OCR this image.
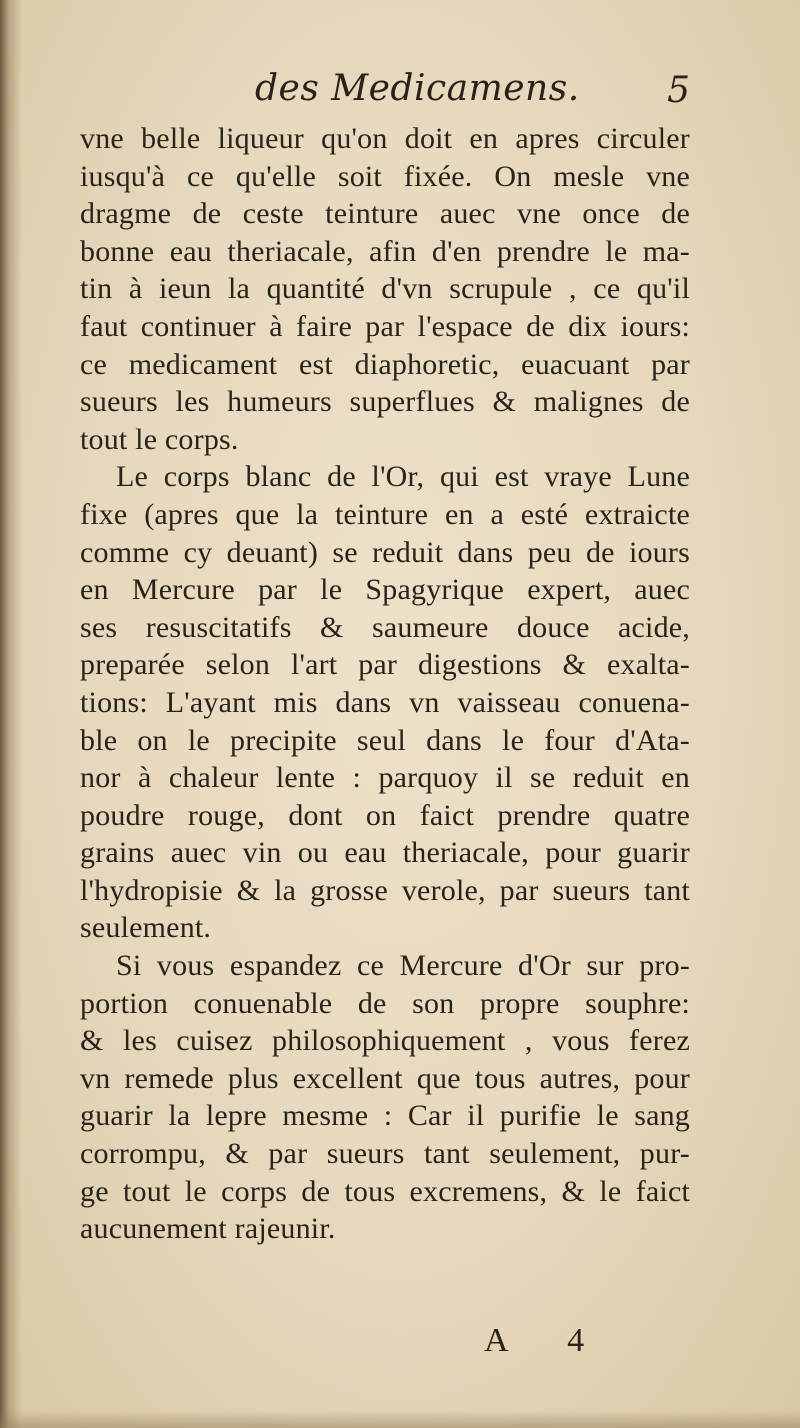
des Medicamens. 5
vne belle liqueur qu'on doit en apres circuler
iusqu'à ce qu'elle soit fixée. On mesle vne
dragme de ceste teinture auec vne once de
bonne eau theriacale, afin d'en prendre le ma-
tin à ieun la quantité d'vn scrupule , ce qu'il
faut continuer à faire par l'espace de dix iours:
ce medicament est diaphoretic, euacuant par
sueurs les humeurs superflues & malignes de
tout le corps.
Le corps blanc de l'Or, qui est vraye Lune
fixe (apres que la teinture en a esté extraicte
comme cy deuant) se reduit dans peu de iours
en Mercure par le Spagyrique expert, auec
ses resuscitatifs & saumeure douce acide,
preparée selon l'art par digestions & exalta-
tions: L'ayant mis dans vn vaisseau conuena-
ble on le precipite seul dans le four d'Ata-
nor à chaleur lente : parquoy il se reduit en
poudre rouge, dont on faict prendre quatre
grains auec vin ou eau theriacale, pour guarir
l'hydropisie & la grosse verole, par sueurs tant
seulement.
Si vous espandez ce Mercure d'Or sur pro-
portion conuenable de son propre souphre:
& les cuisez philosophiquement , vous ferez
vn remede plus excellent que tous autres, pour
guarir la lepre mesme : Car il purifie le sang
corrompu, & par sueurs tant seulement, pur-
ge tout le corps de tous excremens, & le faict
aucunement rajeunir.
A 4
